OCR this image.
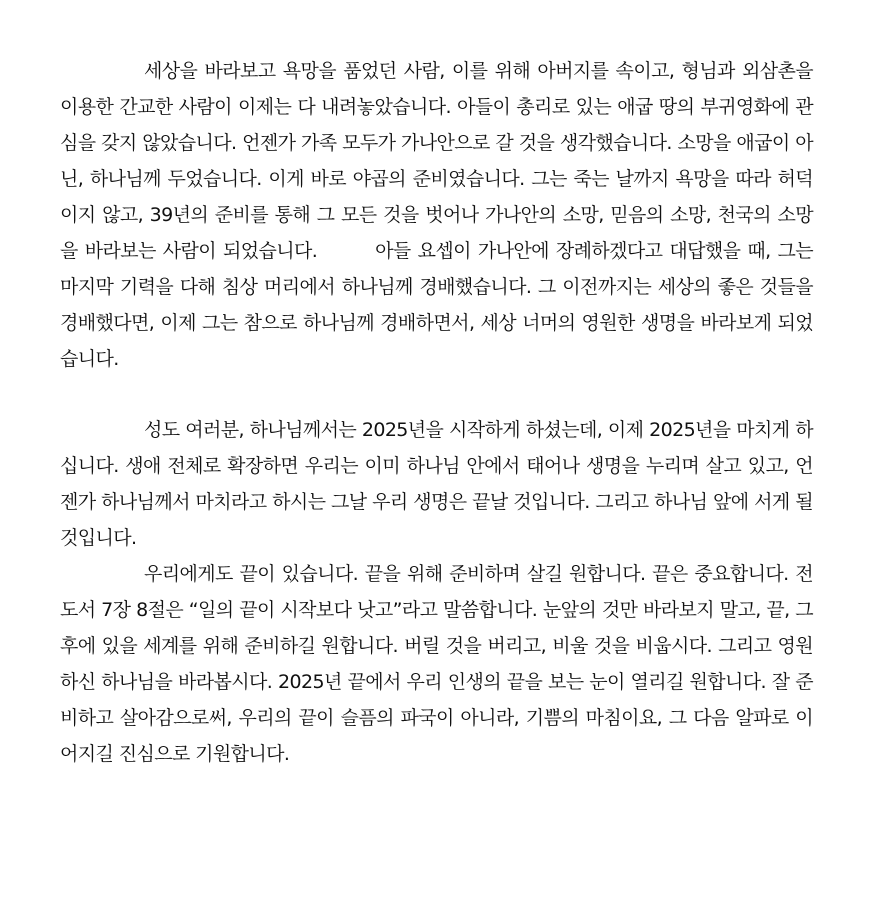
세상을 바라보고 욕망을 품었던 사람, 이를 위해 아버지를 속이고, 형님과 외삼촌을 이용한 간교한 사람이 이제는 다 내려놓았습니다. 아들이 총리로 있는 애굽 땅의 부귀영화에 관심을 갖지 않았습니다. 언젠가 가족 모두가 가나안으로 갈 것을 생각했습니다. 소망을 애굽이 아닌, 하나님께 두었습니다. 이게 바로 야곱의 준비였습니다. 그는 죽는 날까지 욕망을 따라 허덕이지 않고, 39년의 준비를 통해 그 모든 것을 벗어나 가나안의 소망, 믿음의 소망, 천국의 소망을 바라보는 사람이 되었습니다.	아들 요셉이 가나안에 장례하겠다고 대답했을 때, 그는 마지막 기력을 다해 침상 머리에서 하나님께 경배했습니다. 그 이전까지는 세상의 좋은 것들을 경배했다면, 이제 그는 참으로 하나님께 경배하면서, 세상 너머의 영원한 생명을 바라보게 되었습니다.

성도 여러분, 하나님께서는 2025년을 시작하게 하셨는데, 이제 2025년을 마치게 하십니다. 생애 전체로 확장하면 우리는 이미 하나님 안에서 태어나 생명을 누리며 살고 있고, 언젠가 하나님께서 마치라고 하시는 그날 우리 생명은 끝날 것입니다. 그리고 하나님 앞에 서게 될 것입니다.

우리에게도 끝이 있습니다. 끝을 위해 준비하며 살길 원합니다. 끝은 중요합니다. 전도서 7장 8절은 “일의 끝이 시작보다 낫고”라고 말씀합니다. 눈앞의 것만 바라보지 말고, 끝, 그 후에 있을 세계를 위해 준비하길 원합니다. 버릴 것을 버리고, 비울 것을 비웁시다. 그리고 영원하신 하나님을 바라봅시다. 2025년 끝에서 우리 인생의 끝을 보는 눈이 열리길 원합니다. 잘 준비하고 살아감으로써, 우리의 끝이 슬픔의 파국이 아니라, 기쁨의 마침이요, 그 다음 알파로 이어지길 진심으로 기원합니다.
